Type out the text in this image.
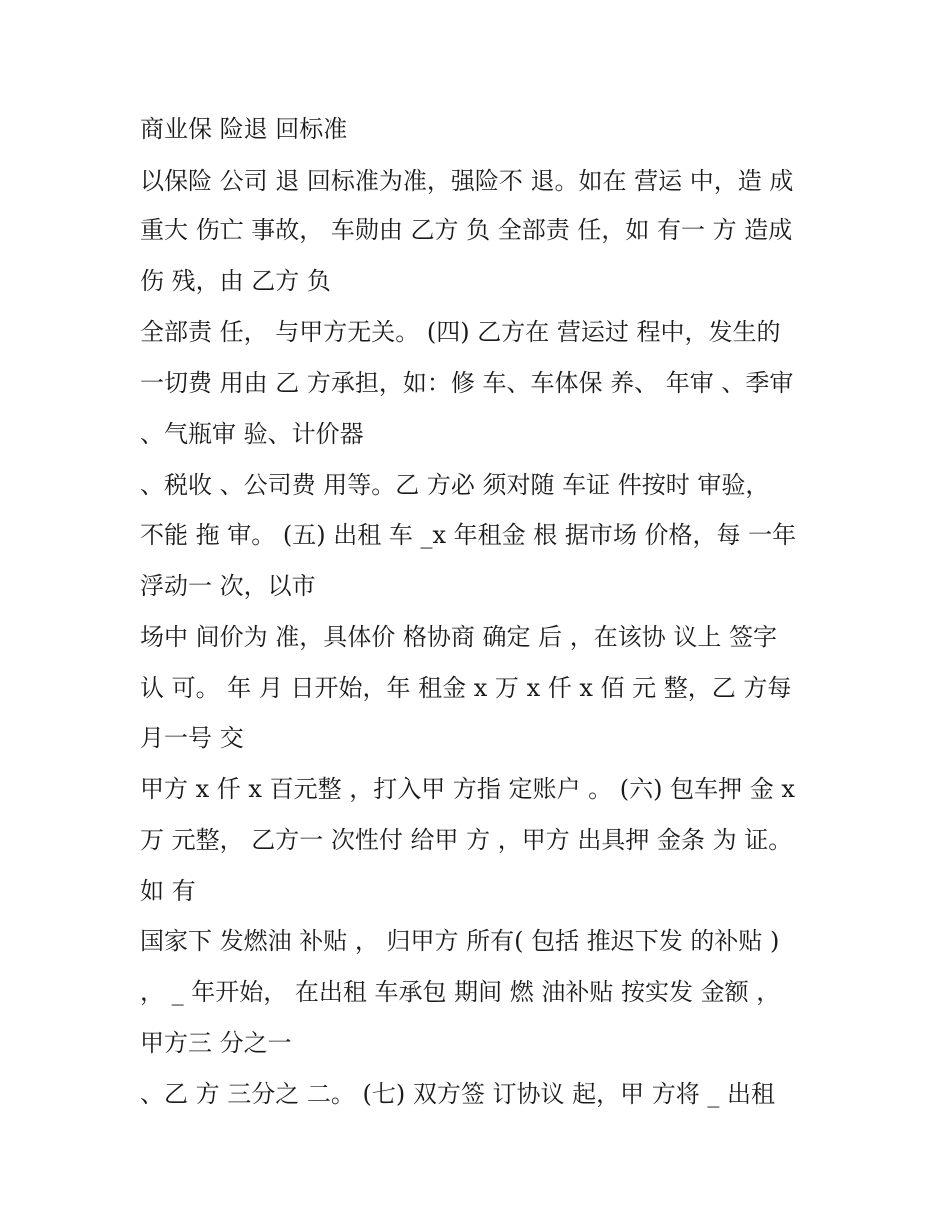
商业保 险退 回标准
以保险 公司 退 回标准为准，强险不 退。如在 营运 中，造 成
重大 伤亡 事故， 车勋由 乙方 负 全部责 任，如 有一 方 造成
伤 残，由 乙方 负
全部责 任， 与甲方无关。 (四) 乙方在 营运过 程中，发生的
一切费 用由 乙 方承担，如：修 车、车体保 养、 年审 、季审
、气瓶审 验、计价器
、税收 、公司费 用等。乙 方必 须对随 车证 件按时 审验，
不能 拖 审。 (五) 出租 车 _x 年租金 根 据市场 价格，每 一年
浮动一 次，以市
场中 间价为 准，具体价 格协商 确定 后 ，在该协 议上 签字
认 可。 年 月 日开始，年 租金 x 万 x 仟 x 佰 元 整，乙 方每
月一号 交
甲方 x 仟 x 百元整 ，打入甲 方指 定账户 。 (六) 包车押 金 x
万 元整， 乙方一 次性付 给甲 方 ，甲方 出具押 金条 为 证。
如 有
国家下 发燃油 补贴 ， 归甲方 所有( 包括 推迟下发 的补贴 )
， _ 年开始， 在出租 车承包 期间 燃 油补贴 按实发 金额 ，
甲方三 分之一
、乙 方 三分之 二。 (七) 双方签 订协议 起，甲 方将 _ 出租
